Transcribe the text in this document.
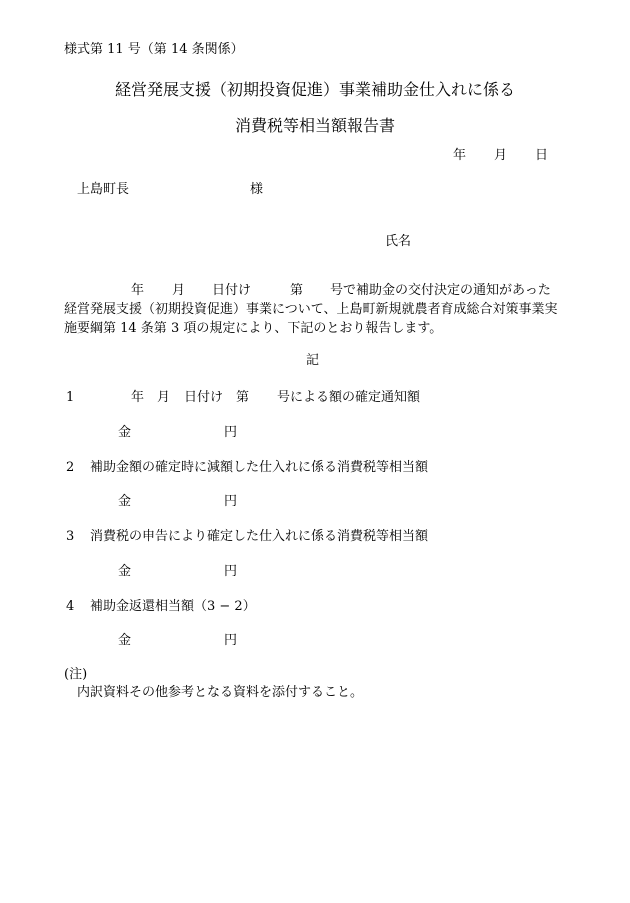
様式第 11 号（第 14 条関係）
経営発展支援（初期投資促進）事業補助金仕入れに係る
消費税等相当額報告書
年 月 日
上島町長	様
氏名
年 月 日付け	第 号で補助金の交付決定の通知があった
経営発展支援（初期投資促進）事業について、上島町新規就農者育成総合対策事業実
施要綱第 14 条第 3 項の規定により、下記のとおり報告します。
記
1	年 月 日付け 第 号による額の確定通知額
金	円
2 補助金額の確定時に減額した仕入れに係る消費税等相当額
金	円
3 消費税の申告により確定した仕入れに係る消費税等相当額
金	円
4 補助金返還相当額（3 − 2）
金	円
(注)
内訳資料その他参考となる資料を添付すること。
